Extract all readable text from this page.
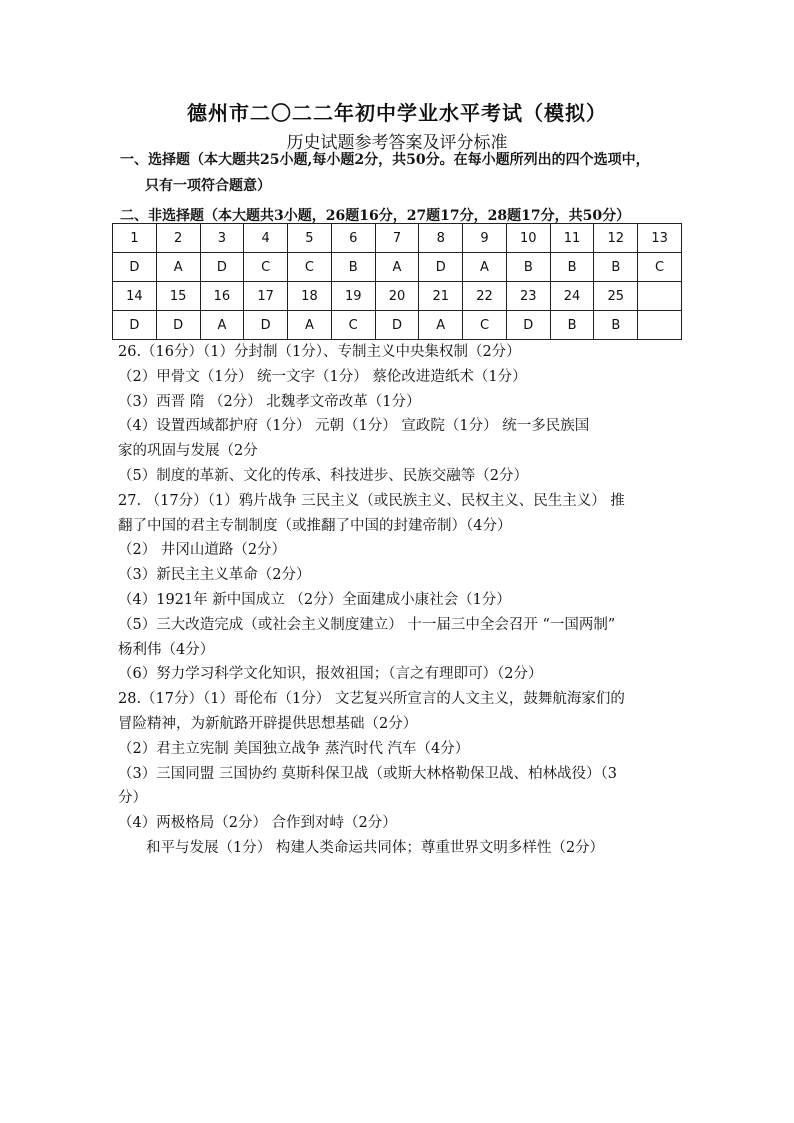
德州市二〇二二年初中学业水平考试（模拟）
历史试题参考答案及评分标准
一、选择题（本大题共25小题,每小题2分，共50分。在每小题所列出的四个选项中，
只有一项符合题意）
二、非选择题（本大题共3小题，26题16分，27题17分，28题17分，共50分）
1	2	3	4	5	6	7	8	9	10	11	12	13
D	A	D	C	C	B	A	D	A	B	B	B	C
14	15	16	17	18	19	20	21	22	23	24	25	
D	D	A	D	A	C	D	A	C	D	B	B	
26.（16分）（1）分封制（1分）、专制主义中央集权制（2分）
（2）甲骨文（1分） 统一文字（1分） 蔡伦改进造纸术（1分）
（3）西晋 隋 （2分） 北魏孝文帝改革（1分）
（4）设置西域都护府（1分） 元朝（1分） 宣政院（1分） 统一多民族国
家的巩固与发展（2分
（5）制度的革新、文化的传承、科技进步、民族交融等（2分）
27. （17分）（1）鸦片战争 三民主义（或民族主义、民权主义、民生主义） 推
翻了中国的君主专制制度（或推翻了中国的封建帝制）（4分）
（2） 井冈山道路（2分）
（3）新民主主义革命（2分）
（4）1921年 新中国成立 （2分）全面建成小康社会（1分）
（5）三大改造完成（或社会主义制度建立） 十一届三中全会召开 “一国两制”
杨利伟（4分）
（6）努力学习科学文化知识，报效祖国；（言之有理即可）（2分）
28.（17分）（1）哥伦布（1分） 文艺复兴所宣言的人文主义，鼓舞航海家们的
冒险精神，为新航路开辟提供思想基础（2分）
（2）君主立宪制 美国独立战争 蒸汽时代 汽车（4分）
（3）三国同盟 三国协约 莫斯科保卫战（或斯大林格勒保卫战、柏林战役）（3
分）
（4）两极格局（2分） 合作到对峙（2分）
和平与发展（1分） 构建人类命运共同体；尊重世界文明多样性（2分）
